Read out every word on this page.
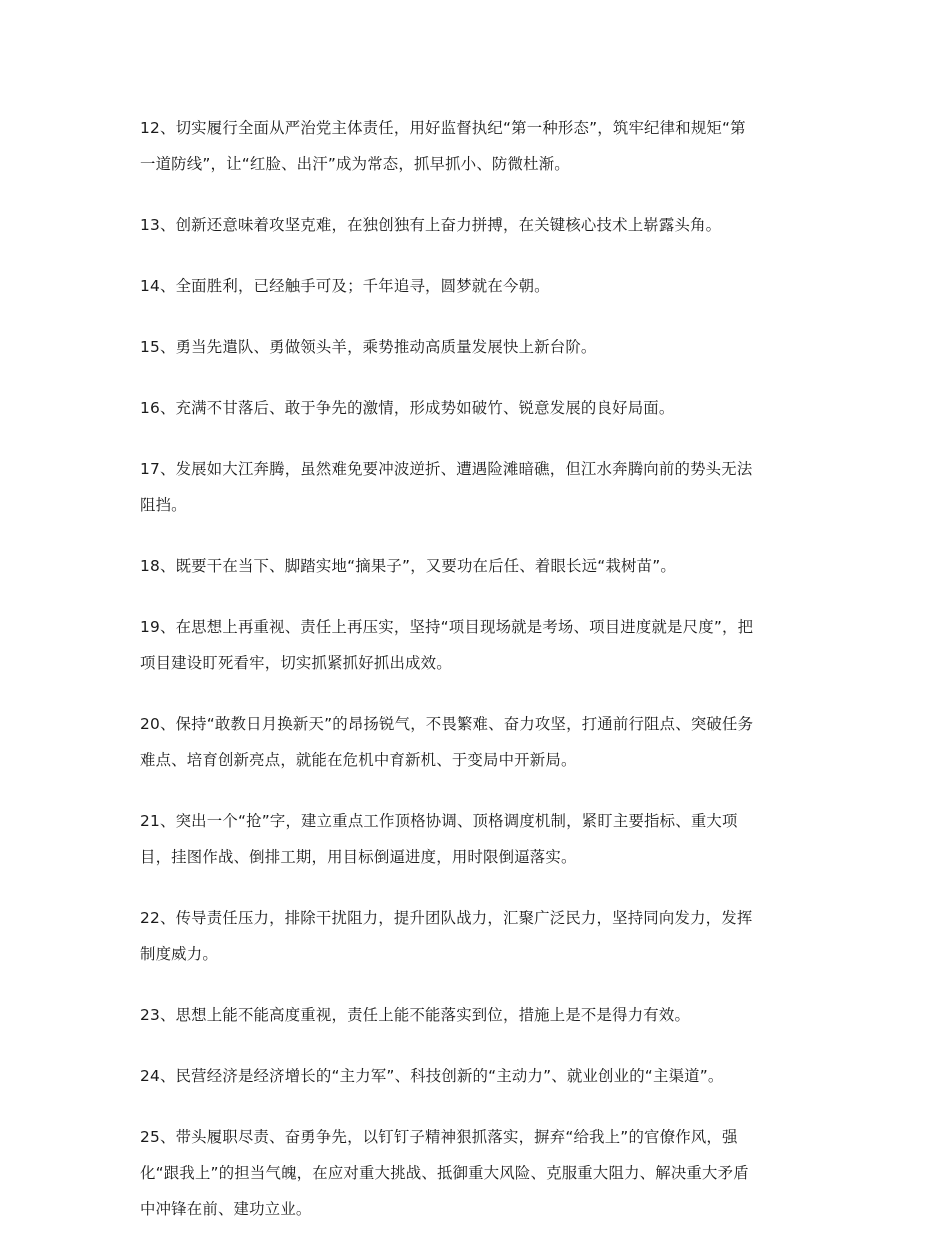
12、切实履行全面从严治党主体责任，用好监督执纪“第一种形态”，筑牢纪律和规矩“第一道防线”，让“红脸、出汗”成为常态，抓早抓小、防微杜渐。

13、创新还意味着攻坚克难，在独创独有上奋力拼搏，在关键核心技术上崭露头角。

14、全面胜利，已经触手可及；千年追寻，圆梦就在今朝。

15、勇当先遣队、勇做领头羊，乘势推动高质量发展快上新台阶。

16、充满不甘落后、敢于争先的激情，形成势如破竹、锐意发展的良好局面。

17、发展如大江奔腾，虽然难免要冲波逆折、遭遇险滩暗礁，但江水奔腾向前的势头无法阻挡。

18、既要干在当下、脚踏实地“摘果子”，又要功在后任、着眼长远“栽树苗”。

19、在思想上再重视、责任上再压实，坚持“项目现场就是考场、项目进度就是尺度”，把项目建设盯死看牢，切实抓紧抓好抓出成效。

20、保持“敢教日月换新天”的昂扬锐气，不畏繁难、奋力攻坚，打通前行阻点、突破任务难点、培育创新亮点，就能在危机中育新机、于变局中开新局。

21、突出一个“抢”字，建立重点工作顶格协调、顶格调度机制，紧盯主要指标、重大项目，挂图作战、倒排工期，用目标倒逼进度，用时限倒逼落实。

22、传导责任压力，排除干扰阻力，提升团队战力，汇聚广泛民力，坚持同向发力，发挥制度威力。

23、思想上能不能高度重视，责任上能不能落实到位，措施上是不是得力有效。

24、民营经济是经济增长的“主力军”、科技创新的“主动力”、就业创业的“主渠道”。

25、带头履职尽责、奋勇争先，以钉钉子精神狠抓落实，摒弃“给我上”的官僚作风，强化“跟我上”的担当气魄，在应对重大挑战、抵御重大风险、克服重大阻力、解决重大矛盾中冲锋在前、建功立业。
